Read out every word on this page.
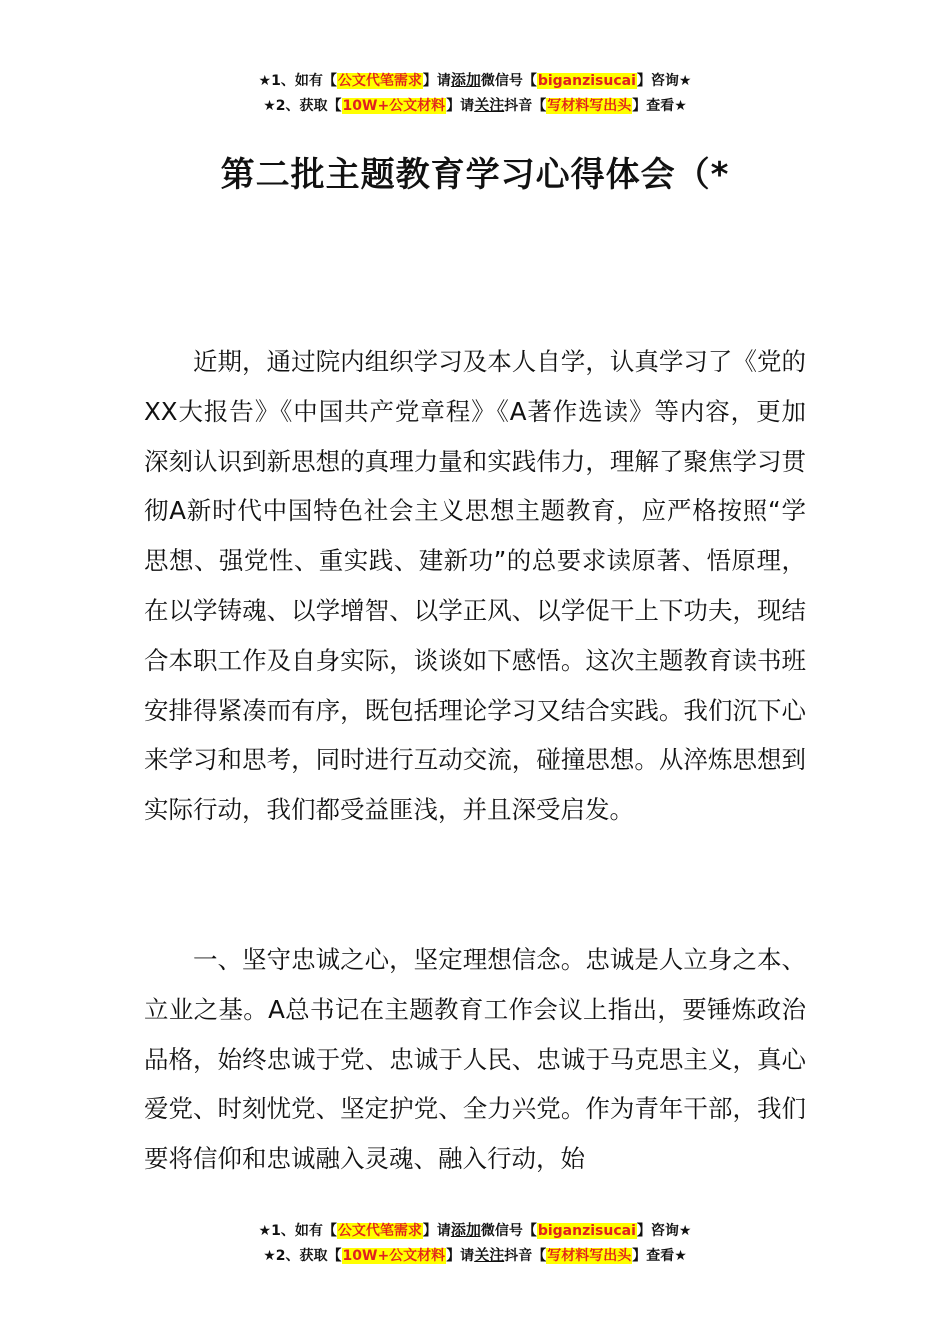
★1、如有【公文代笔需求】请添加微信号【biganzisucai】咨询★
★2、获取【10W+公文材料】请关注抖音【写材料写出头】查看★
第二批主题教育学习心得体会（*

近期，通过院内组织学习及本人自学，认真学习了《党的XX大报告》《中国共产党章程》《A著作选读》等内容，更加深刻认识到新思想的真理力量和实践伟力，理解了聚焦学习贯彻A新时代中国特色社会主义思想主题教育，应严格按照“学思想、强党性、重实践、建新功”的总要求读原著、悟原理，在以学铸魂、以学增智、以学正风、以学促干上下功夫，现结合本职工作及自身实际，谈谈如下感悟。这次主题教育读书班安排得紧凑而有序，既包括理论学习又结合实践。我们沉下心来学习和思考，同时进行互动交流，碰撞思想。从淬炼思想到实际行动，我们都受益匪浅，并且深受启发。

一、坚守忠诚之心，坚定理想信念。忠诚是人立身之本、立业之基。A总书记在主题教育工作会议上指出，要锤炼政治品格，始终忠诚于党、忠诚于人民、忠诚于马克思主义，真心爱党、时刻忧党、坚定护党、全力兴党。作为青年干部，我们要将信仰和忠诚融入灵魂、融入行动，始

★1、如有【公文代笔需求】请添加微信号【biganzisucai】咨询★
★2、获取【10W+公文材料】请关注抖音【写材料写出头】查看★
